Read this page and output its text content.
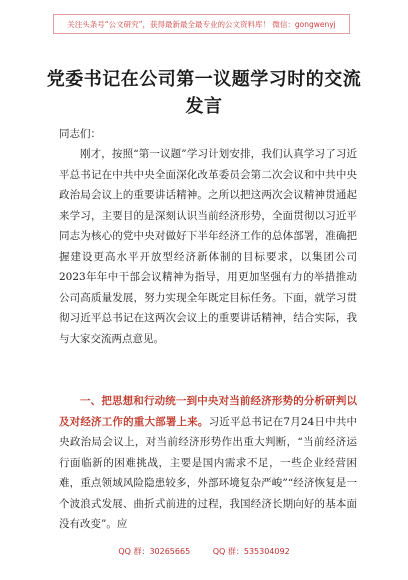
关注头条号“公文研究”，获得最新最全最专业的公文资料库！ 微信：gongwenyj
党委书记在公司第一议题学习时的交流发言
同志们：

刚才，按照“第一议题”学习计划安排，我们认真学习了习近平总书记在中共中央全面深化改革委员会第二次会议和中共中央政治局会议上的重要讲话精神。之所以把这两次会议精神贯通起来学习，主要目的是深刻认识当前经济形势，全面贯彻以习近平同志为核心的党中央对做好下半年经济工作的总体部署，准确把握建设更高水平开放型经济新体制的目标要求，以集团公司2023年年中干部会议精神为指导，用更加坚强有力的举措推动公司高质量发展，努力实现全年既定目标任务。下面，就学习贯彻习近平总书记在这两次会议上的重要讲话精神，结合实际，我与大家交流两点意见。

一、把思想和行动统一到中央对当前经济形势的分析研判以及对经济工作的重大部署上来。习近平总书记在7月24日中共中央政治局会议上，对当前经济形势作出重大判断，“当前经济运行面临新的困难挑战，主要是国内需求不足，一些企业经营困难，重点领域风险隐患较多，外部环境复杂严峻”“经济恢复是一个波浪式发展、曲折式前进的过程，我国经济长期向好的基本面没有改变”。应

QQ 群：30265665	QQ 群：535304092
